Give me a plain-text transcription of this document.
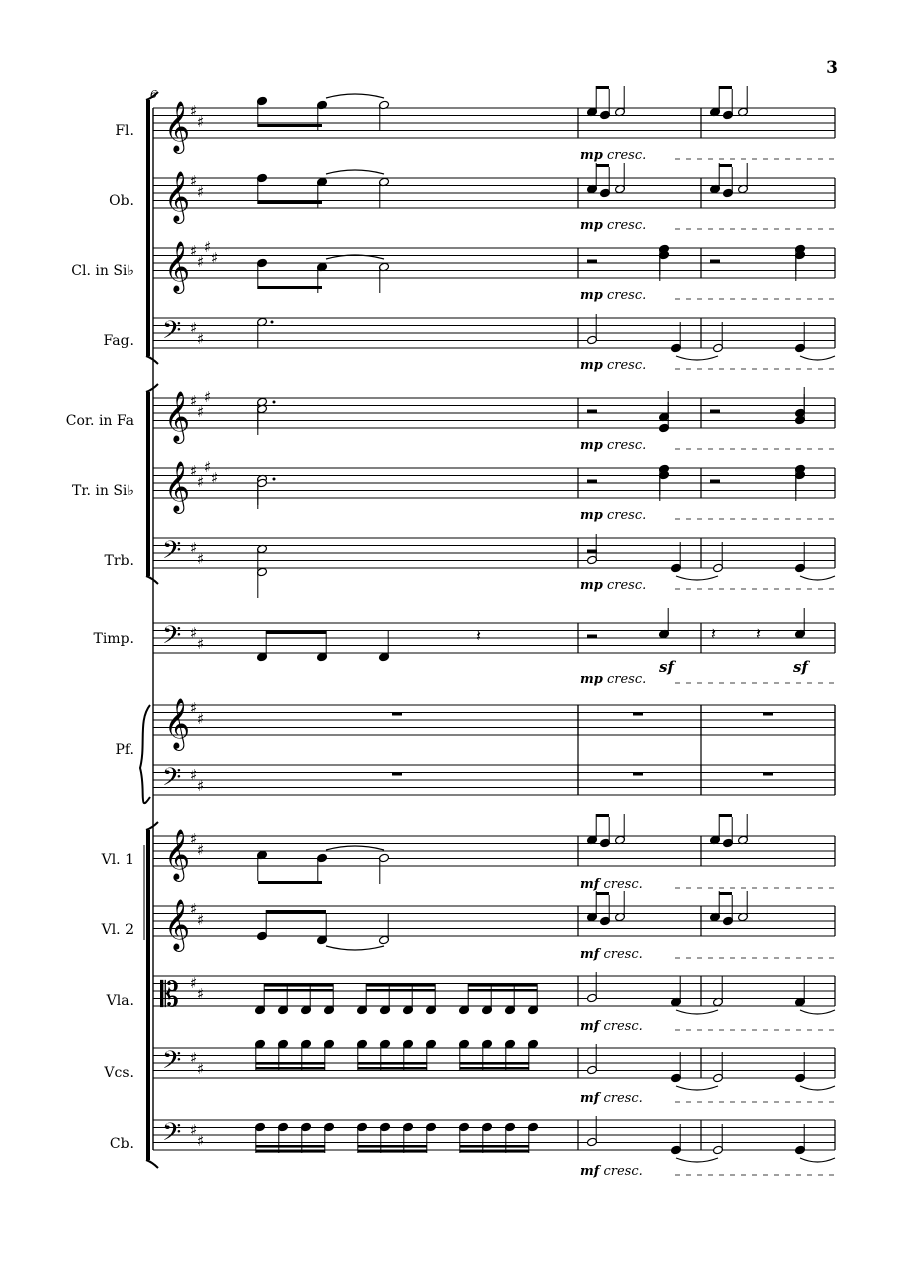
3
6
Fl.
Ob.
Cl. in Si♭
Fag.
Cor. in Fa
Tr. in Si♭
Trb.
Timp.
Pf.
Vl. 1
Vl. 2
Vla.
Vcs.
Cb.
𝄞 ♯
♯
𝄞 ♯
♯
𝄞 ♯
♯
♯
♯
𝄢 ♯
♯
𝄞 ♯
♯
♯
𝄞 ♯
♯
♯
♯
𝄢 ♯
♯
𝄢 ♯
♯
𝄞 ♯
♯
𝄢 ♯
♯
𝄞 ♯
♯
𝄞 ♯
♯
𝄡 ♯
♯
𝄢 ♯
♯
𝄢 ♯
♯
𝄽	𝄽	𝄽
mp cresc.
mp cresc.
mp cresc.
mp cresc.
mp cresc.
mp cresc.
mp cresc.
mp cresc.
mf cresc.
mf cresc.
mf cresc.
mf cresc.
mf cresc.
sf	sf
